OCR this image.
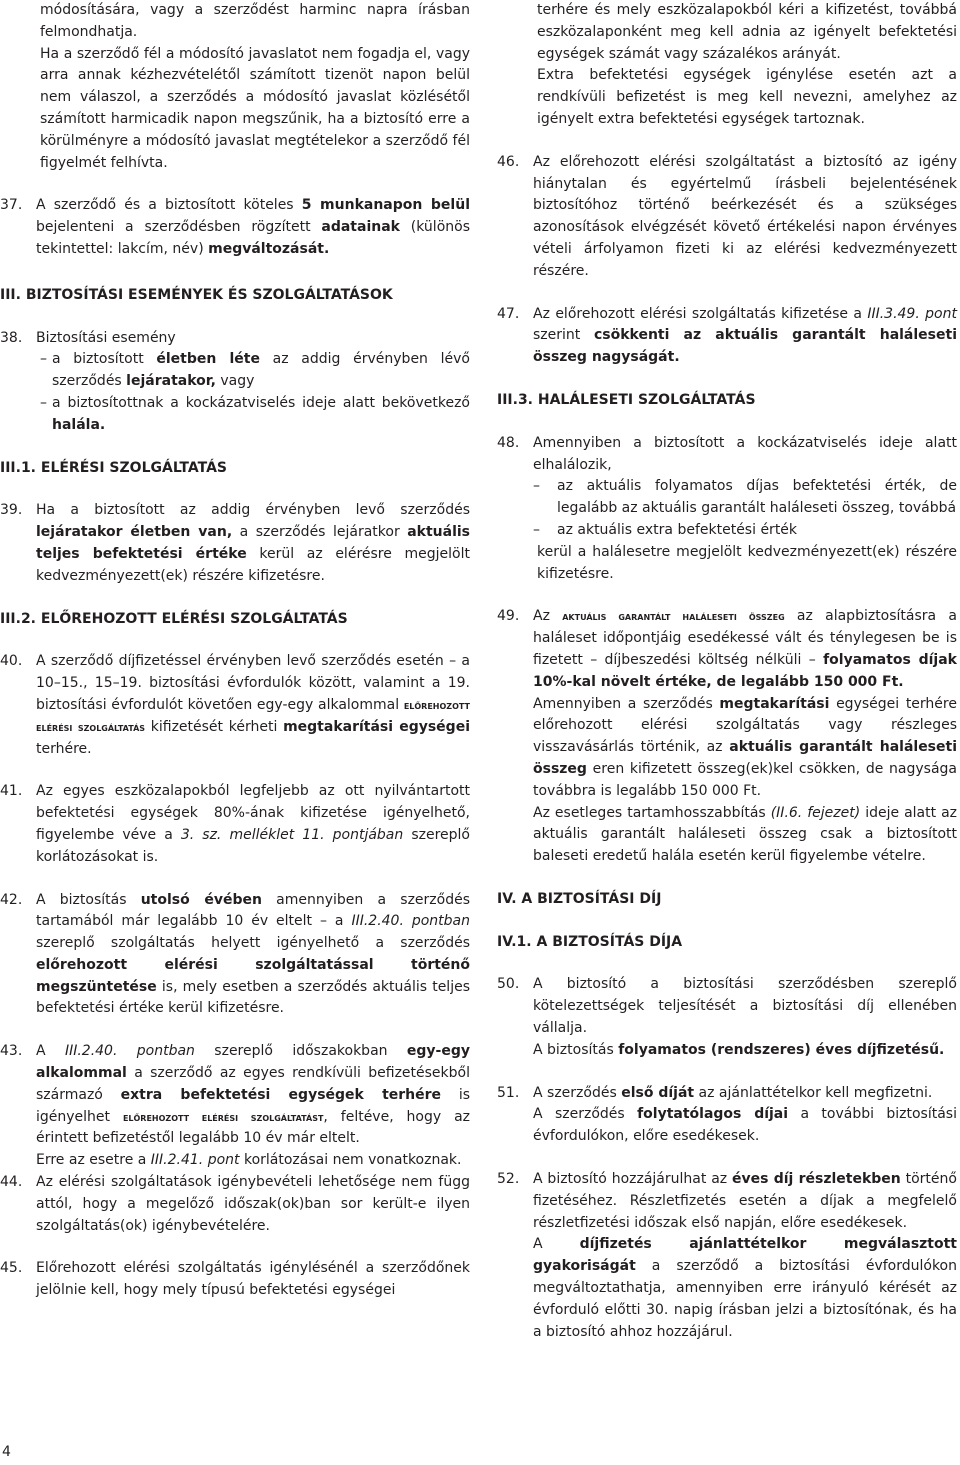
módosítására, vagy a szerződést harminc napra írásban felmondhatja.

Ha a szerződő fél a módosító javaslatot nem fogadja el, vagy arra annak kézhezvételétől számított tizenöt napon belül nem válaszol, a szerződés a módosító javaslat közlésétől számított harmicadik napon megszűnik, ha a biztosító erre a körülményre a módosító javaslat megtételekor a szerződő fél figyelmét felhívta.

37. A szerződő és a biztosított köteles 5 munkanapon belül bejelenteni a szerződésben rögzített adatainak (különös tekintettel: lakcím, név) megváltozását.

III. BIZTOSÍTÁSI ESEMÉNYEK ÉS SZOLGÁLTATÁSOK

38. Biztosítási esemény

– a biztosított életben léte az addig érvényben lévő szerződés lejáratakor, vagy

– a biztosítottnak a kockázatviselés ideje alatt bekövetkező halála.

III.1. ELÉRÉSI SZOLGÁLTATÁS

39. Ha a biztosított az addig érvényben levő szerződés lejáratakor életben van, a szerződés lejáratkor aktuális teljes befektetési értéke kerül az elérésre megjelölt kedvezményezett(ek) részére kifizetésre.

III.2. ELŐREHOZOTT ELÉRÉSI SZOLGÁLTATÁS

40. A szerződő díjfizetéssel érvényben levő szerződés esetén – a 10–15., 15–19. biztosítási évfordulók között, valamint a 19. biztosítási évfordulót követően egy-egy alkalommal előrehozott elérési szolgáltatás kifizetését kérheti megtakarítási egységei terhére.

41. Az egyes eszközalapokból legfeljebb az ott nyilvántartott befektetési egységek 80%-ának kifizetése igényelhető, figyelembe véve a 3. sz. melléklet 11. pontjában szereplő korlátozásokat is.

42. A biztosítás utolsó évében amennyiben a szerződés tartamából már legalább 10 év eltelt – a III.2.40. pontban szereplő szolgáltatás helyett igényelhető a szerződés előrehozott elérési szolgáltatással történő megszüntetése is, mely esetben a szerződés aktuális teljes befektetési értéke kerül kifizetésre.

43. A III.2.40. pontban szereplő időszakokban egy-egy alkalommal a szerződő az egyes rendkívüli befizetésekből származó extra befektetési egységek terhére is igényelhet előrehozott elérési szolgáltatást, feltéve, hogy az érintett befizetéstől legalább 10 év már eltelt.

Erre az esetre a III.2.41. pont korlátozásai nem vonatkoznak.

44. Az elérési szolgáltatások igénybevételi lehetősége nem függ attól, hogy a megelőző időszak(ok)ban sor került-e ilyen szolgáltatás(ok) igénybevételére.

45. Előrehozott elérési szolgáltatás igénylésénél a szerződőnek jelölnie kell, hogy mely típusú befektetési egységei

terhére és mely eszközalapokból kéri a kifizetést, továbbá eszközalaponként meg kell adnia az igényelt befektetési egységek számát vagy százalékos arányát.

Extra befektetési egységek igénylése esetén azt a rendkívüli befizetést is meg kell nevezni, amelyhez az igényelt extra befektetési egységek tartoznak.

46. Az előrehozott elérési szolgáltatást a biztosító az igény hiánytalan és egyértelmű írásbeli bejelentésének biztosítóhoz történő beérkezését és a szükséges azonosítások elvégzését követő értékelési napon érvényes vételi árfolyamon fizeti ki az elérési kedvezményezett részére.

47. Az előrehozott elérési szolgáltatás kifizetése a III.3.49. pont szerint csökkenti az aktuális garantált haláleseti összeg nagyságát.

III.3. HALÁLESETI SZOLGÁLTATÁS

48. Amennyiben a biztosított a kockázatviselés ideje alatt elhalálozik,

– az aktuális folyamatos díjas befektetési érték, de legalább az aktuális garantált haláleseti összeg, továbbá

– az aktuális extra befektetési érték

kerül a halálesetre megjelölt kedvezményezett(ek) részére kifizetésre.

49. Az aktuális garantált haláleseti összeg az alapbiztosításra a haláleset időpontjáig esedékessé vált és ténylegesen be is fizetett – díjbeszedési költség nélküli – folyamatos díjak 10%-kal növelt értéke, de legalább 150 000 Ft.

Amennyiben a szerződés megtakarítási egységei terhére előrehozott elérési szolgáltatás vagy részleges visszavásárlás történik, az aktuális garantált haláleseti összeg eren kifizetett összeg(ek)kel csökken, de nagysága továbbra is legalább 150 000 Ft.

Az esetleges tartamhosszabbítás (II.6. fejezet) ideje alatt az aktuális garantált haláleseti összeg csak a biztosított baleseti eredetű halála esetén kerül figyelembe vételre.

IV. A BIZTOSÍTÁSI DÍJ

IV.1. A BIZTOSÍTÁS DÍJA

50. A biztosító a biztosítási szerződésben szereplő kötelezettségek teljesítését a biztosítási díj ellenében vállalja.

A biztosítás folyamatos (rendszeres) éves díjfizetésű.

51. A szerződés első díját az ajánlattételkor kell megfizetni.

A szerződés folytatólagos díjai a további biztosítási évfordulókon, előre esedékesek.

52. A biztosító hozzájárulhat az éves díj részletekben történő fizetéséhez. Részletfizetés esetén a díjak a megfelelő részletfizetési időszak első napján, előre esedékesek.

A díjfizetés ajánlattételkor megválasztott gyakoriságát a szerződő a biztosítási évfordulókon megváltoztathatja, amennyiben erre irányuló kérését az évforduló előtti 30. napig írásban jelzi a biztosítónak, és ha a biztosító ahhoz hozzájárul.

4
